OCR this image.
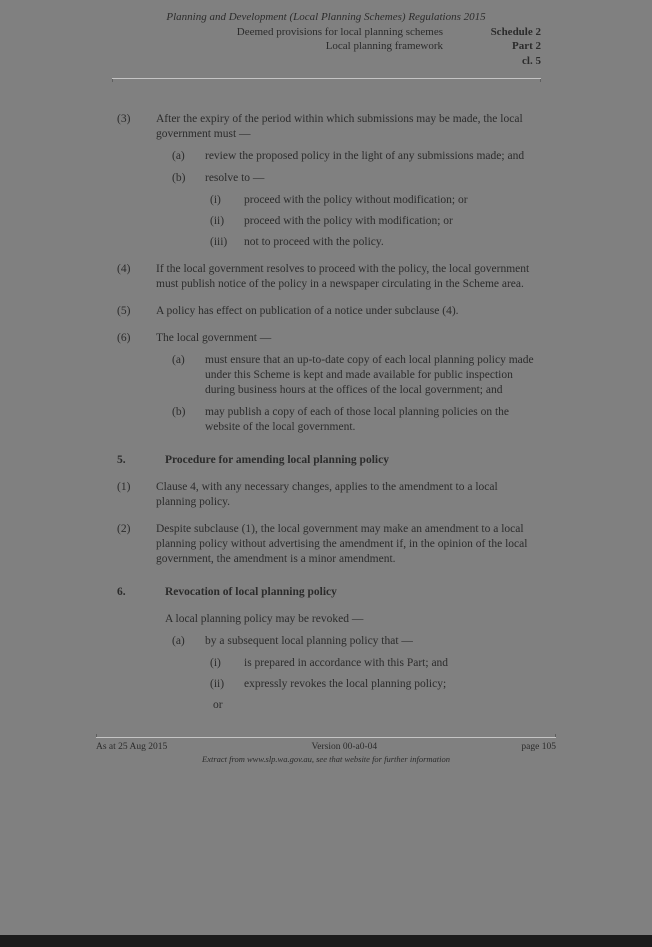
Planning and Development (Local Planning Schemes) Regulations 2015
Deemed provisions for local planning schemes	Schedule 2
Local planning framework	Part 2
cl. 5
(3) After the expiry of the period within which submissions may be made, the local government must —
(a) review the proposed policy in the light of any submissions made; and
(b) resolve to —
(i) proceed with the policy without modification; or
(ii) proceed with the policy with modification; or
(iii) not to proceed with the policy.
(4) If the local government resolves to proceed with the policy, the local government must publish notice of the policy in a newspaper circulating in the Scheme area.
(5) A policy has effect on publication of a notice under subclause (4).
(6) The local government —
(a) must ensure that an up-to-date copy of each local planning policy made under this Scheme is kept and made available for public inspection during business hours at the offices of the local government; and
(b) may publish a copy of each of those local planning policies on the website of the local government.
5.	Procedure for amending local planning policy
(1) Clause 4, with any necessary changes, applies to the amendment to a local planning policy.
(2) Despite subclause (1), the local government may make an amendment to a local planning policy without advertising the amendment if, in the opinion of the local government, the amendment is a minor amendment.
6.	Revocation of local planning policy
A local planning policy may be revoked —
(a) by a subsequent local planning policy that —
(i) is prepared in accordance with this Part; and
(ii) expressly revokes the local planning policy;
or
As at 25 Aug 2015	Version 00-a0-04	page 105
Extract from www.slp.wa.gov.au, see that website for further information
